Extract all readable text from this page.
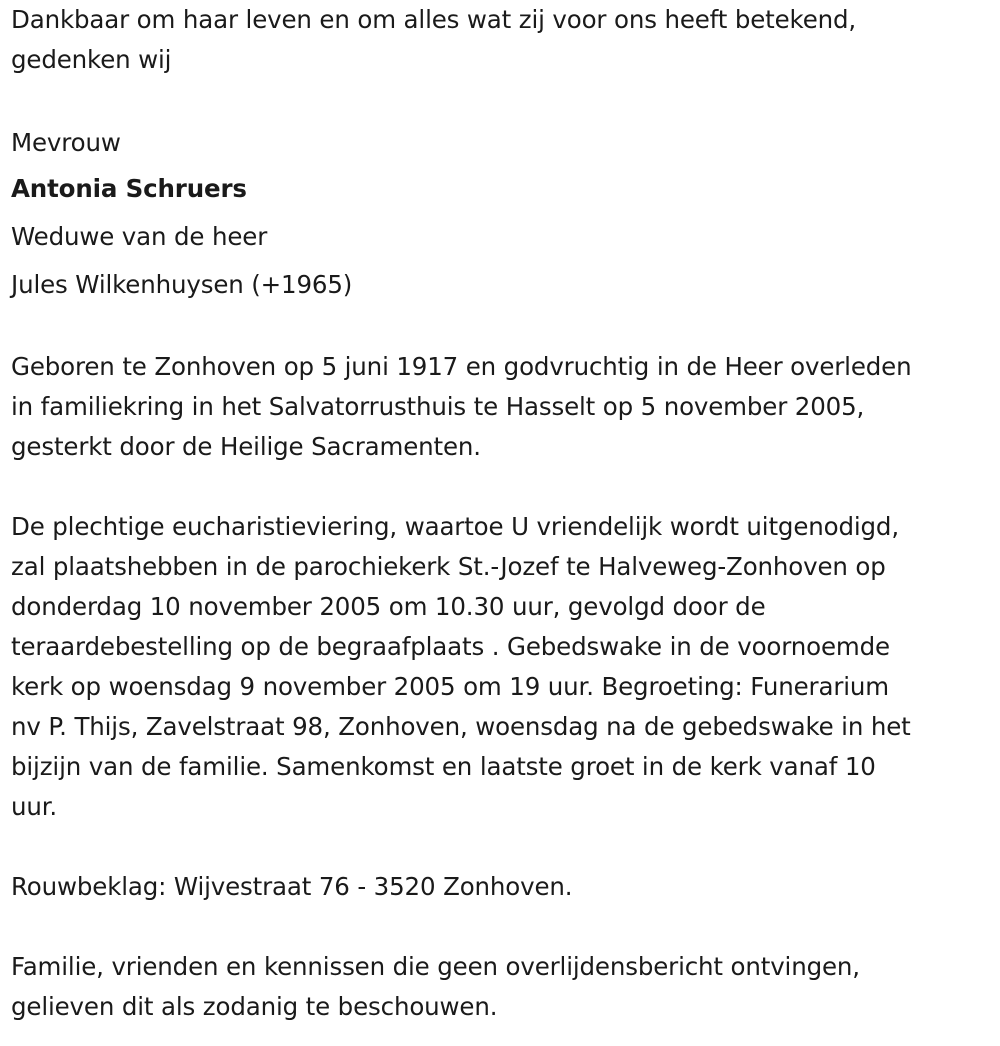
Dankbaar om haar leven en om alles wat zij voor ons heeft betekend,

gedenken wij

Mevrouw

Antonia Schruers

Weduwe van de heer

Jules Wilkenhuysen (+1965)

Geboren te Zonhoven op 5 juni 1917 en godvruchtig in de Heer overleden

in familiekring in het Salvatorrusthuis te Hasselt op 5 november 2005,

gesterkt door de Heilige Sacramenten.

De plechtige eucharistieviering, waartoe U vriendelijk wordt uitgenodigd,

zal plaatshebben in de parochiekerk St.-Jozef te Halveweg-Zonhoven op

donderdag 10 november 2005 om 10.30 uur, gevolgd door de

teraardebestelling op de begraafplaats . Gebedswake in de voornoemde

kerk op woensdag 9 november 2005 om 19 uur. Begroeting: Funerarium

nv P. Thijs, Zavelstraat 98, Zonhoven, woensdag na de gebedswake in het

bijzijn van de familie. Samenkomst en laatste groet in de kerk vanaf 10

uur.

Rouwbeklag: Wijvestraat 76 - 3520 Zonhoven.

Familie, vrienden en kennissen die geen overlijdensbericht ontvingen,

gelieven dit als zodanig te beschouwen.
